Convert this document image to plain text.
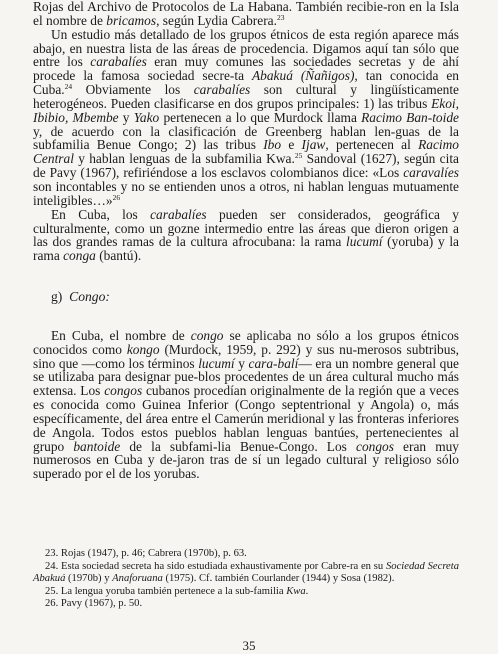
Rojas del Archivo de Protocolos de La Habana. También recibie-ron en la Isla el nombre de bricamos, según Lydia Cabrera.$^{23}$

Un estudio más detallado de los grupos étnicos de esta región aparece más abajo, en nuestra lista de las áreas de procedencia. Digamos aquí tan sólo que entre los carabalíes eran muy comunes las sociedades secretas y de ahí procede la famosa sociedad secre-ta Abakuá (Ñañigos), tan conocida en Cuba.$^{24}$ Obviamente los carabalíes son cultural y lingüísticamente heterogéneos. Pueden clasificarse en dos grupos principales: 1) las tribus Ekoi, Ibibio, Mbembe y Yako pertenecen a lo que Murdock llama Racimo Ban-toide y, de acuerdo con la clasificación de Greenberg hablan len-guas de la subfamilia Benue Congo; 2) las tribus Ibo e Ijaw, pertenecen al Racimo Central y hablan lenguas de la subfamilia Kwa.$^{25}$ Sandoval (1627), según cita de Pavy (1967), refiriéndose a los esclavos colombianos dice: «Los caravalíes son incontables y no se entienden unos a otros, ni hablan lenguas mutuamente inteligibles…»$^{26}$

En Cuba, los carabalíes pueden ser considerados, geográfica y culturalmente, como un gozne intermedio entre las áreas que dieron origen a las dos grandes ramas de la cultura afrocubana: la rama lucumí (yoruba) y la rama conga (bantú).

g) Congo:

En Cuba, el nombre de congo se aplicaba no sólo a los grupos étnicos conocidos como kongo (Murdock, 1959, p. 292) y sus nu-merosos subtribus, sino que —como los términos lucumí y cara-balí— era un nombre general que se utilizaba para designar pue-blos procedentes de un área cultural mucho más extensa. Los congos cubanos procedían originalmente de la región que a veces es conocida como Guinea Inferior (Congo septentrional y Angola) o, más específicamente, del área entre el Camerún meridional y las fronteras inferiores de Angola. Todos estos pueblos hablan lenguas bantúes, pertenecientes al grupo bantoide de la subfami-lia Benue-Congo. Los congos eran muy numerosos en Cuba y de-jaron tras de sí un legado cultural y religioso sólo superado por el de los yorubas.

23. Rojas (1947), p. 46; Cabrera (1970b), p. 63.

24. Esta sociedad secreta ha sido estudiada exhaustivamente por Cabre-ra en su Sociedad Secreta Abakuá (1970b) y Anaforuana (1975). Cf. también Courlander (1944) y Sosa (1982).

25. La lengua yoruba también pertenece a la sub-familia Kwa.

26. Pavy (1967), p. 50.

35
